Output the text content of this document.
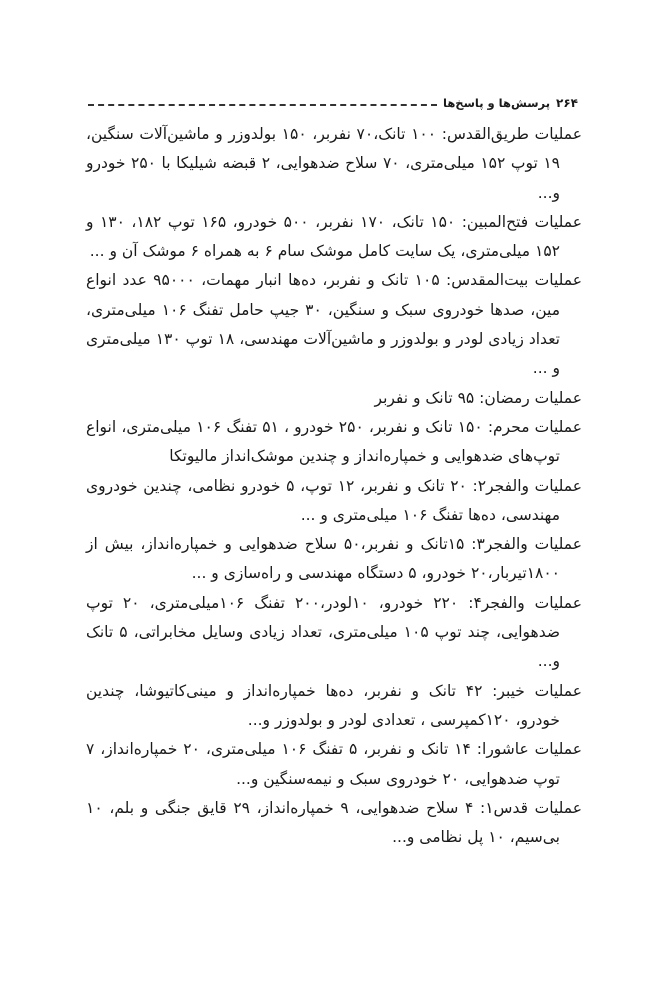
۲۶۴
پرسش‌ها و پاسخ‌ها

عملیات طریق‌القدس: ۱۰۰ تانک،۷۰ نفربر، ۱۵۰ بولدوزر و ماشین‌آلات سنگین، ۱۹ توپ ۱۵۲ میلی‌متری، ۷۰ سلاح ضدهوایی، ۲ قبضه شیلیکا با ۲۵۰ خودرو و...

عملیات فتح‌المبین: ۱۵۰ تانک، ۱۷۰ نفربر، ۵۰۰ خودرو، ۱۶۵ توپ ۱۸۲، ۱۳۰ و ۱۵۲ میلی‌متری، یک سایت کامل موشک سام ۶ به همراه ۶ موشک آن و ...

عملیات بیت‌المقدس: ۱۰۵ تانک و نفربر، ده‌ها انبار مهمات، ۹۵۰۰۰ عدد انواع مین، صدها خودروی سبک و سنگین، ۳۰ جیپ حامل تفنگ ۱۰۶ میلی‌متری، تعداد زیادی لودر و بولدوزر و ماشین‌آلات مهندسی، ۱۸ توپ ۱۳۰ میلی‌متری و ...

عملیات رمضان: ۹۵ تانک و نفربر

عملیات محرم: ۱۵۰ تانک و نفربر، ۲۵۰ خودرو ، ۵۱ تفنگ ۱۰۶ میلی‌متری، انواع توپ‌های ضدهوایی و خمپاره‌انداز و چندین موشک‌انداز مالیوتکا

عملیات والفجر۲: ۲۰ تانک و نفربر، ۱۲ توپ، ۵ خودرو نظامی، چندین خودروی مهندسی، ده‌ها تفنگ ۱۰۶ میلی‌متری و ...

عملیات والفجر۳: ۱۵تانک و نفربر،۵۰ سلاح ضدهوایی و خمپاره‌انداز، بیش از ۱۸۰۰تیربار،۲۰ خودرو، ۵ دستگاه مهندسی و راه‌سازی و ...

عملیات والفجر۴: ۲۲۰ خودرو، ۱۰لودر،۲۰۰ تفنگ ۱۰۶میلی‌متری، ۲۰ توپ ضدهوایی، چند توپ ۱۰۵ میلی‌متری، تعداد زیادی وسایل مخابراتی، ۵ تانک و...

عملیات خیبر: ۴۲ تانک و نفربر، ده‌ها خمپاره‌انداز و مینی‌کاتیوشا، چندین خودرو، ۱۲۰کمپرسی ، تعدادی لودر و بولدوزر و...

عملیات عاشورا: ۱۴ تانک و نفربر، ۵ تفنگ ۱۰۶ میلی‌متری، ۲۰ خمپاره‌انداز، ۷ توپ ضدهوایی، ۲۰ خودروی سبک و نیمه‌سنگین و...

عملیات قدس۱: ۴ سلاح ضدهوایی، ۹ خمپاره‌انداز، ۲۹ قایق جنگی و بلم، ۱۰ بی‌سیم، ۱۰ پل نظامی و...
